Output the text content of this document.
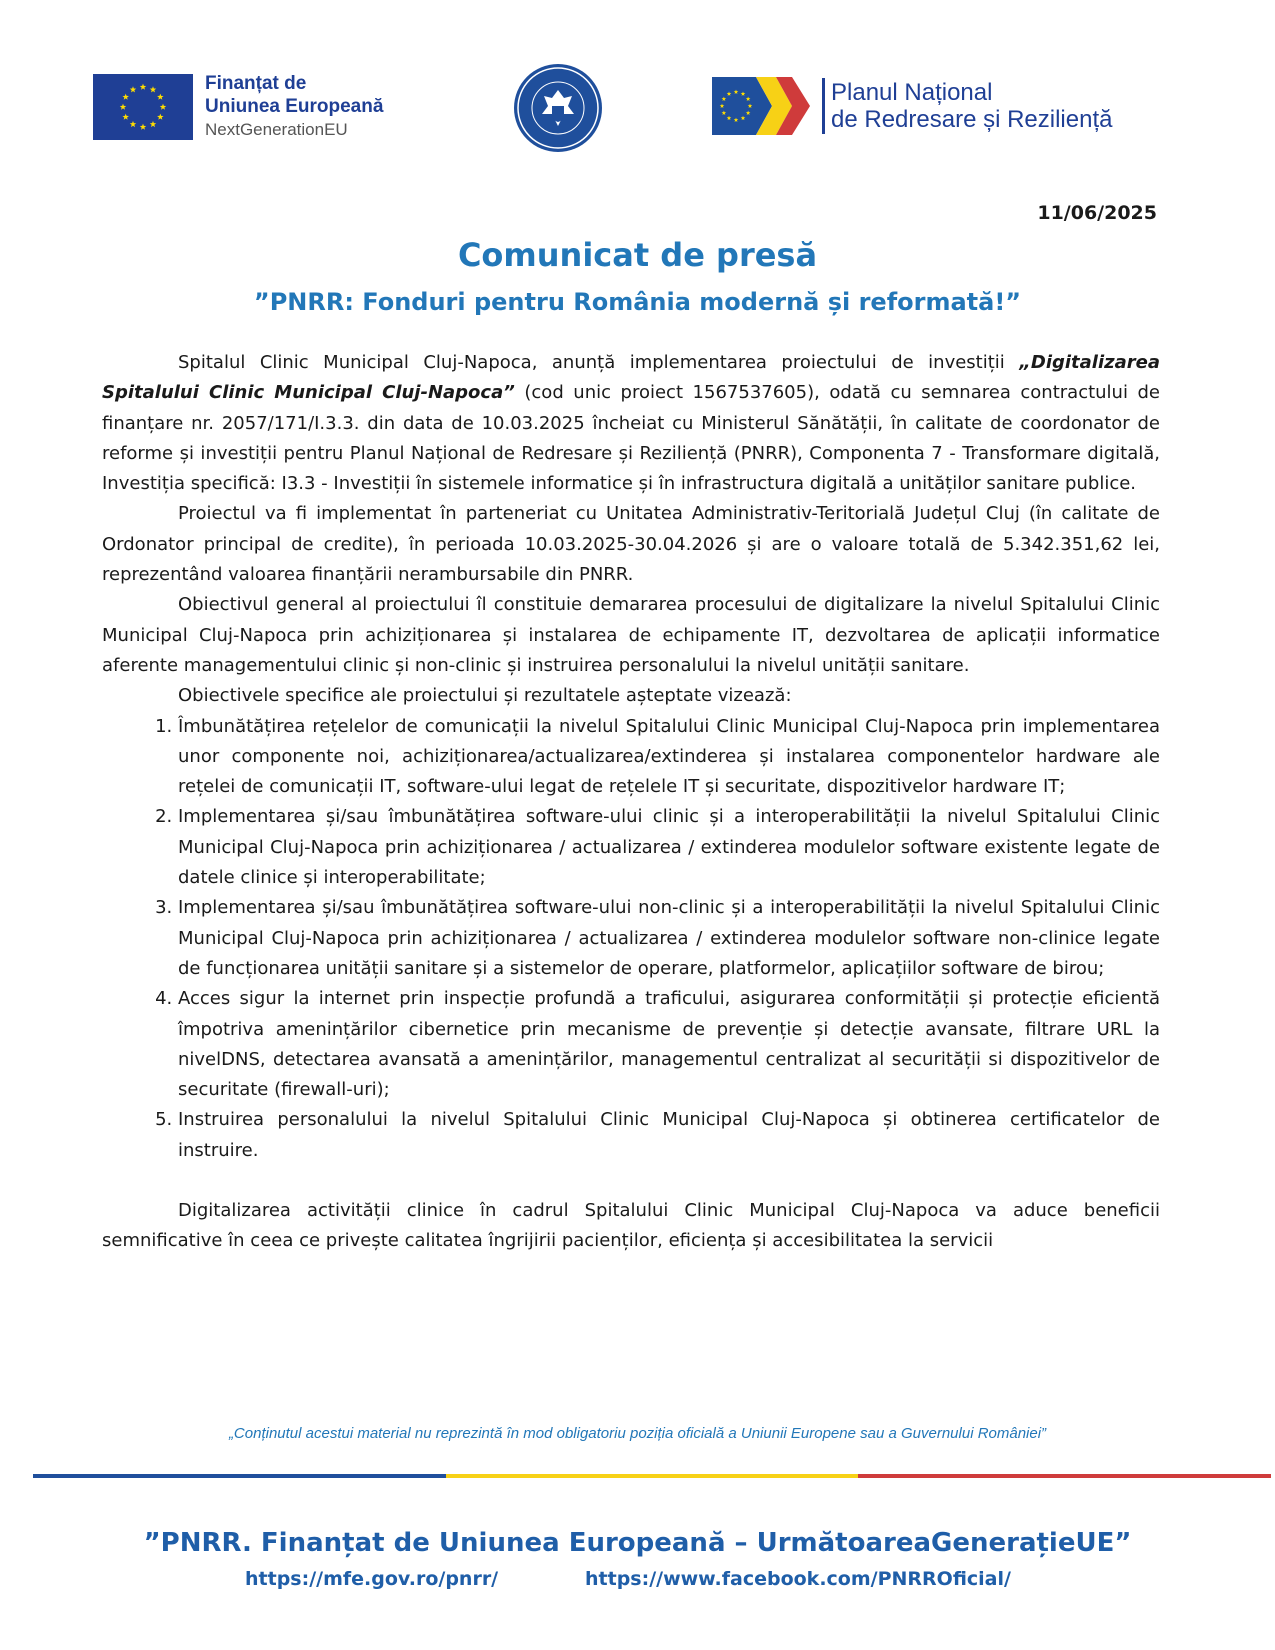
Finanțat de
Uniunea Europeană
NextGenerationEU
Planul Național
de Redresare și Reziliență
11/06/2025
Comunicat de presă
”PNRR: Fonduri pentru România modernă și reformată!”

Spitalul Clinic Municipal Cluj-Napoca, anunță implementarea proiectului de investiții „Digitalizarea Spitalului Clinic Municipal Cluj-Napoca” (cod unic proiect 1567537605), odată cu semnarea contractului de finanțare nr. 2057/171/I.3.3. din data de 10.03.2025 încheiat cu Ministerul Sănătății, în calitate de coordonator de reforme și investiții pentru Planul Național de Redresare și Reziliență (PNRR), Componenta 7 - Transformare digitală, Investiția specifică: I3.3 - Investiții în sistemele informatice și în infrastructura digitală a unităților sanitare publice.

Proiectul va fi implementat în parteneriat cu Unitatea Administrativ-Teritorială Județul Cluj (în calitate de Ordonator principal de credite), în perioada 10.03.2025-30.04.2026 și are o valoare totală de 5.342.351,62 lei, reprezentând valoarea finanțării nerambursabile din PNRR.

Obiectivul general al proiectului îl constituie demararea procesului de digitalizare la nivelul Spitalului Clinic Municipal Cluj-Napoca prin achiziționarea și instalarea de echipamente IT, dezvoltarea de aplicații informatice aferente managementului clinic și non-clinic și instruirea personalului la nivelul unității sanitare.

Obiectivele specifice ale proiectului și rezultatele așteptate vizează:

1. Îmbunătățirea rețelelor de comunicații la nivelul Spitalului Clinic Municipal Cluj-Napoca prin implementarea unor componente noi, achiziționarea/actualizarea/extinderea și instalarea componentelor hardware ale rețelei de comunicații IT, software-ului legat de rețelele IT și securitate, dispozitivelor hardware IT;
2. Implementarea și/sau îmbunătățirea software-ului clinic și a interoperabilității la nivelul Spitalului Clinic Municipal Cluj-Napoca prin achiziționarea / actualizarea / extinderea modulelor software existente legate de datele clinice și interoperabilitate;
3. Implementarea și/sau îmbunătățirea software-ului non-clinic și a interoperabilității la nivelul Spitalului Clinic Municipal Cluj-Napoca prin achiziționarea / actualizarea / extinderea modulelor software non-clinice legate de funcționarea unității sanitare și a sistemelor de operare, platformelor, aplicațiilor software de birou;
4. Acces sigur la internet prin inspecție profundă a traficului, asigurarea conformității și protecție eficientă împotriva amenințărilor cibernetice prin mecanisme de prevenție și detecție avansate, filtrare URL la nivelDNS, detectarea avansată a amenințărilor, managementul centralizat al securității si dispozitivelor de securitate (firewall-uri);
5. Instruirea personalului la nivelul Spitalului Clinic Municipal Cluj-Napoca și obtinerea certificatelor de instruire.

Digitalizarea activității clinice în cadrul Spitalului Clinic Municipal Cluj-Napoca va aduce beneficii semnificative în ceea ce privește calitatea îngrijirii pacienților, eficiența și accesibilitatea la servicii

„Conținutul acestui material nu reprezintă în mod obligatoriu poziția oficială a Uniunii Europene sau a Guvernului României”
”PNRR. Finanțat de Uniunea Europeană – UrmătoareaGenerațieUE”
https://mfe.gov.ro/pnrr/	https://www.facebook.com/PNRROficial/
